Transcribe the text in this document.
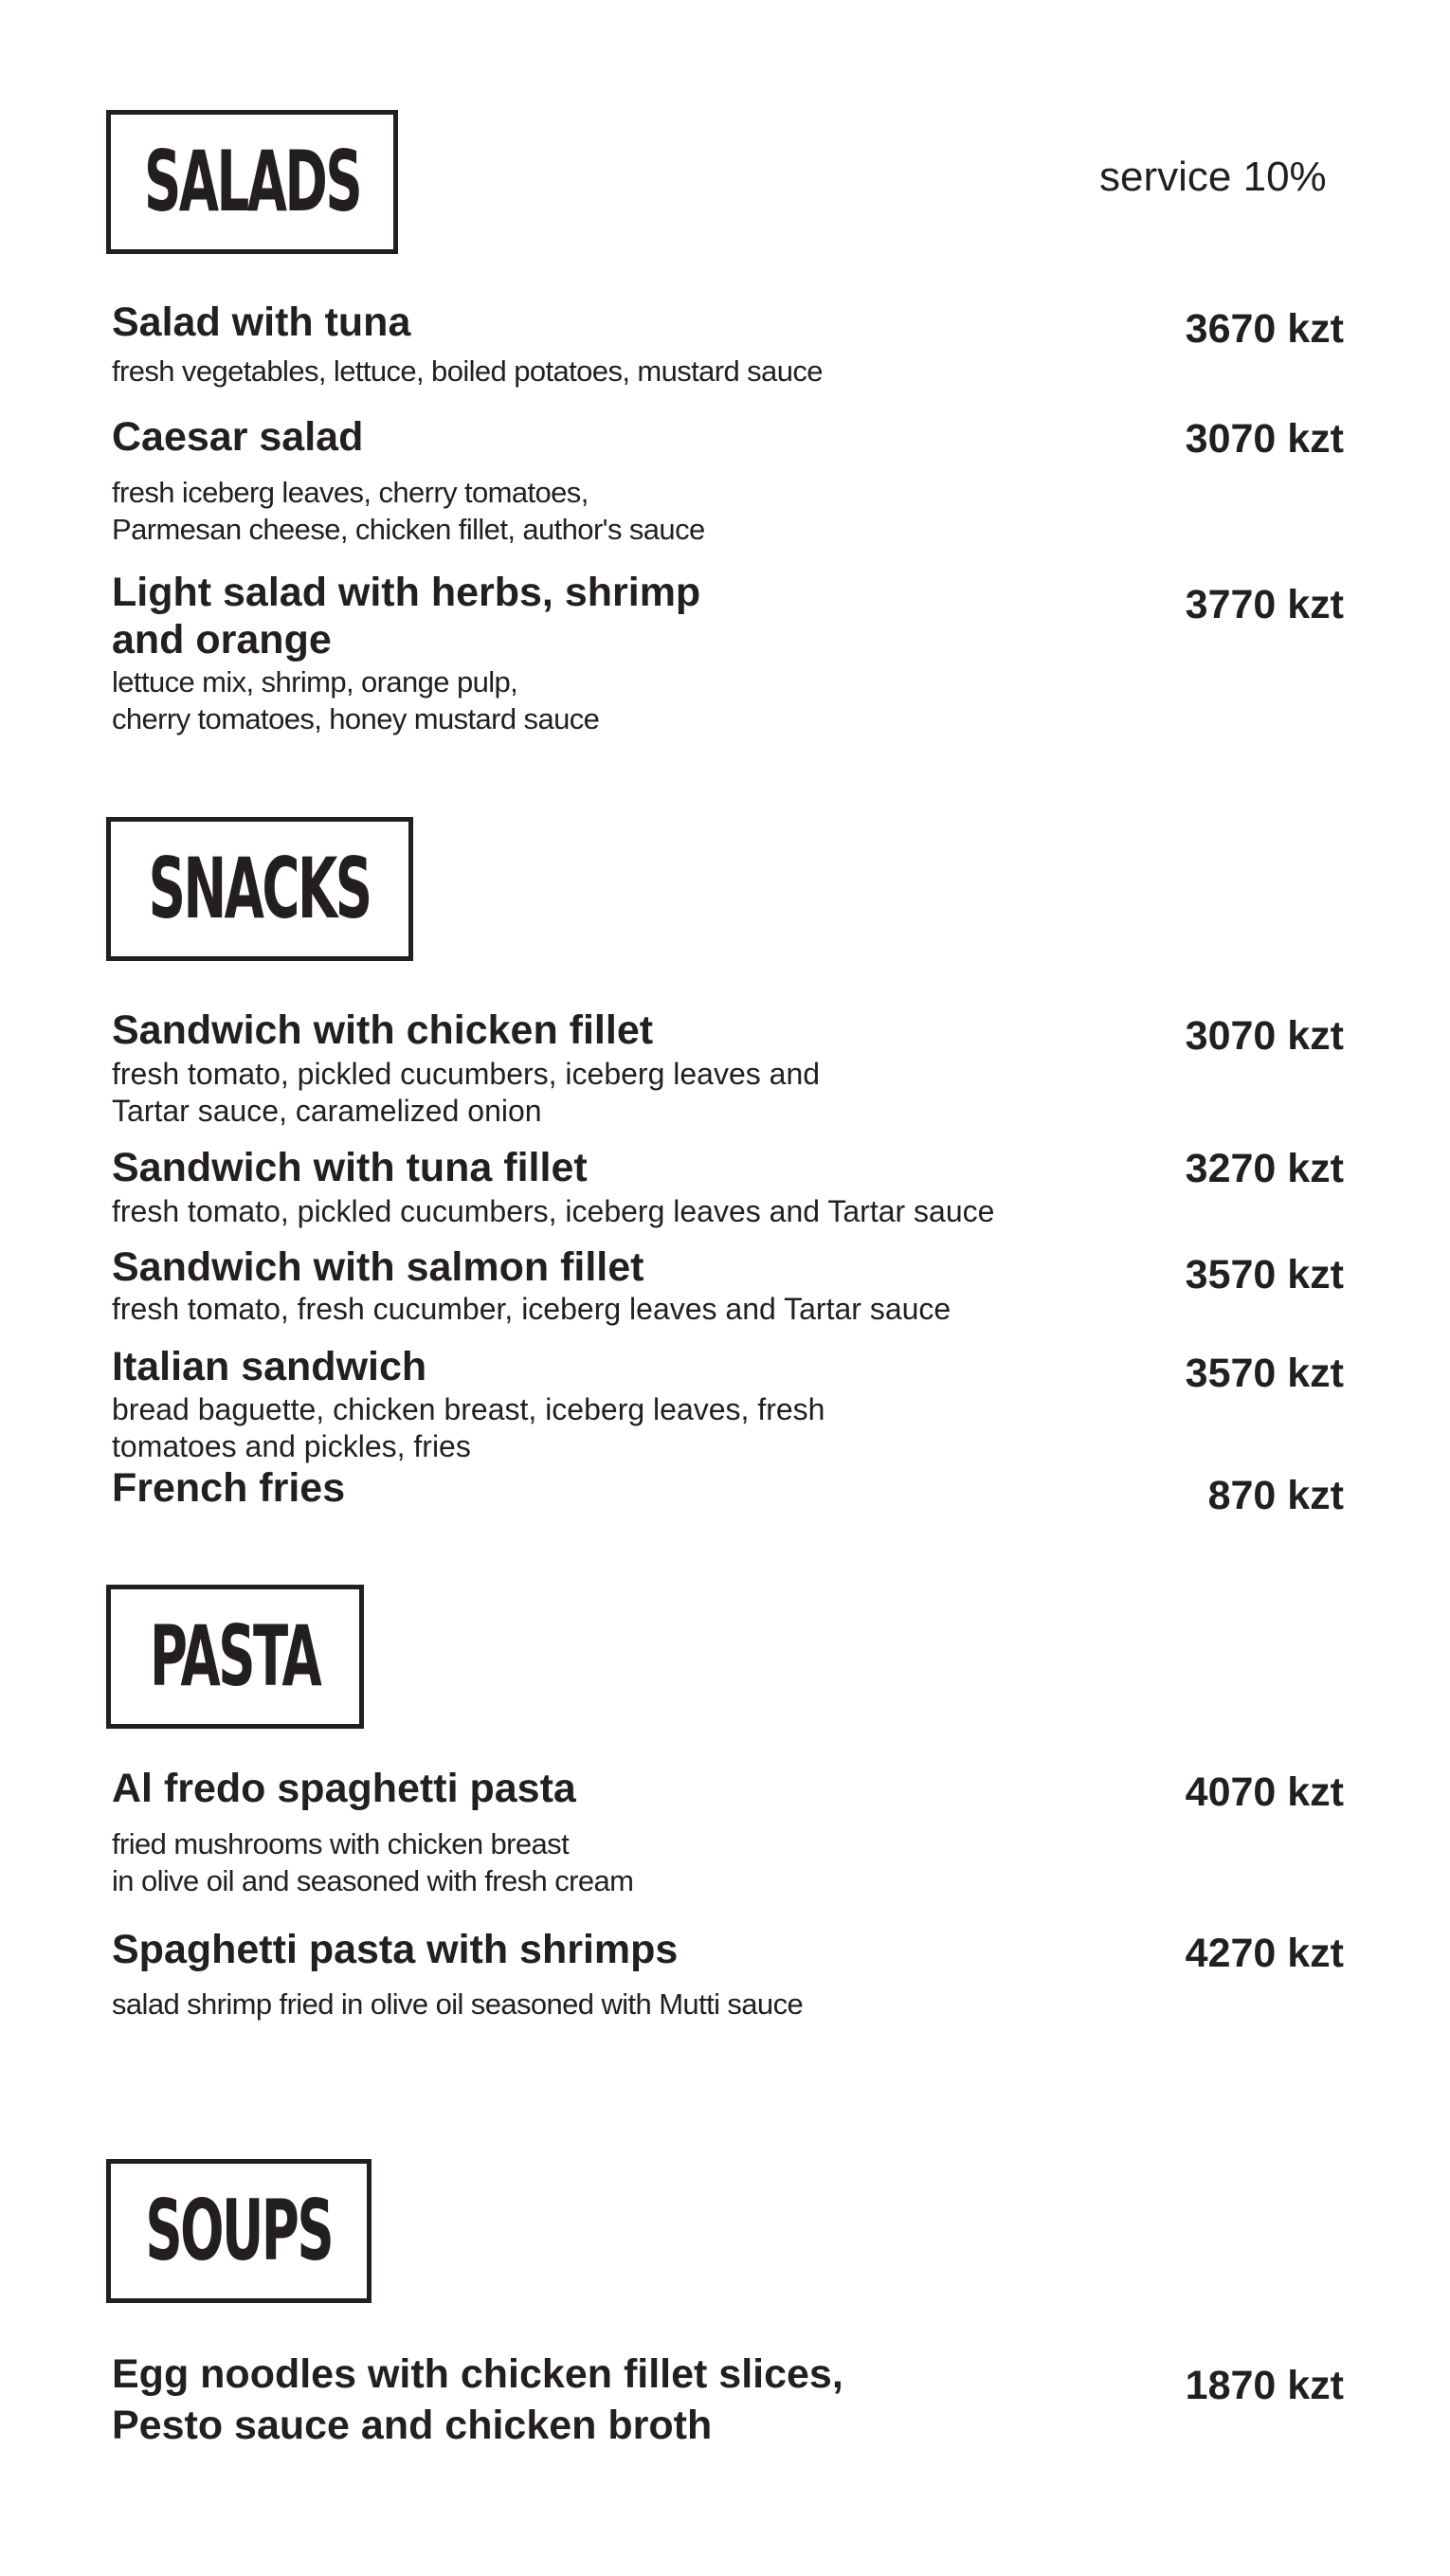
SALADS	service 10%
Salad with tuna	3670 kzt
fresh vegetables, lettuce, boiled potatoes, mustard sauce
Caesar salad	3070 kzt
fresh iceberg leaves, cherry tomatoes,
Parmesan cheese, chicken fillet, author's sauce
Light salad with herbs, shrimp
and orange
3770 kzt
lettuce mix, shrimp, orange pulp,
cherry tomatoes, honey mustard sauce
SNACKS
Sandwich with chicken fillet	3070 kzt
fresh tomato, pickled cucumbers, iceberg leaves and
Tartar sauce, caramelized onion
Sandwich with tuna fillet	3270 kzt
fresh tomato, pickled cucumbers, iceberg leaves and Tartar sauce
Sandwich with salmon fillet	3570 kzt
fresh tomato, fresh cucumber, iceberg leaves and Tartar sauce
Italian sandwich	3570 kzt
bread baguette, chicken breast, iceberg leaves, fresh
tomatoes and pickles, fries
French fries	870 kzt
PASTA
Al fredo spaghetti pasta	4070 kzt
fried mushrooms with chicken breast
in olive oil and seasoned with fresh cream
Spaghetti pasta with shrimps	4270 kzt
salad shrimp fried in olive oil seasoned with Mutti sauce
SOUPS
Egg noodles with chicken fillet slices,
Pesto sauce and chicken broth
1870 kzt
